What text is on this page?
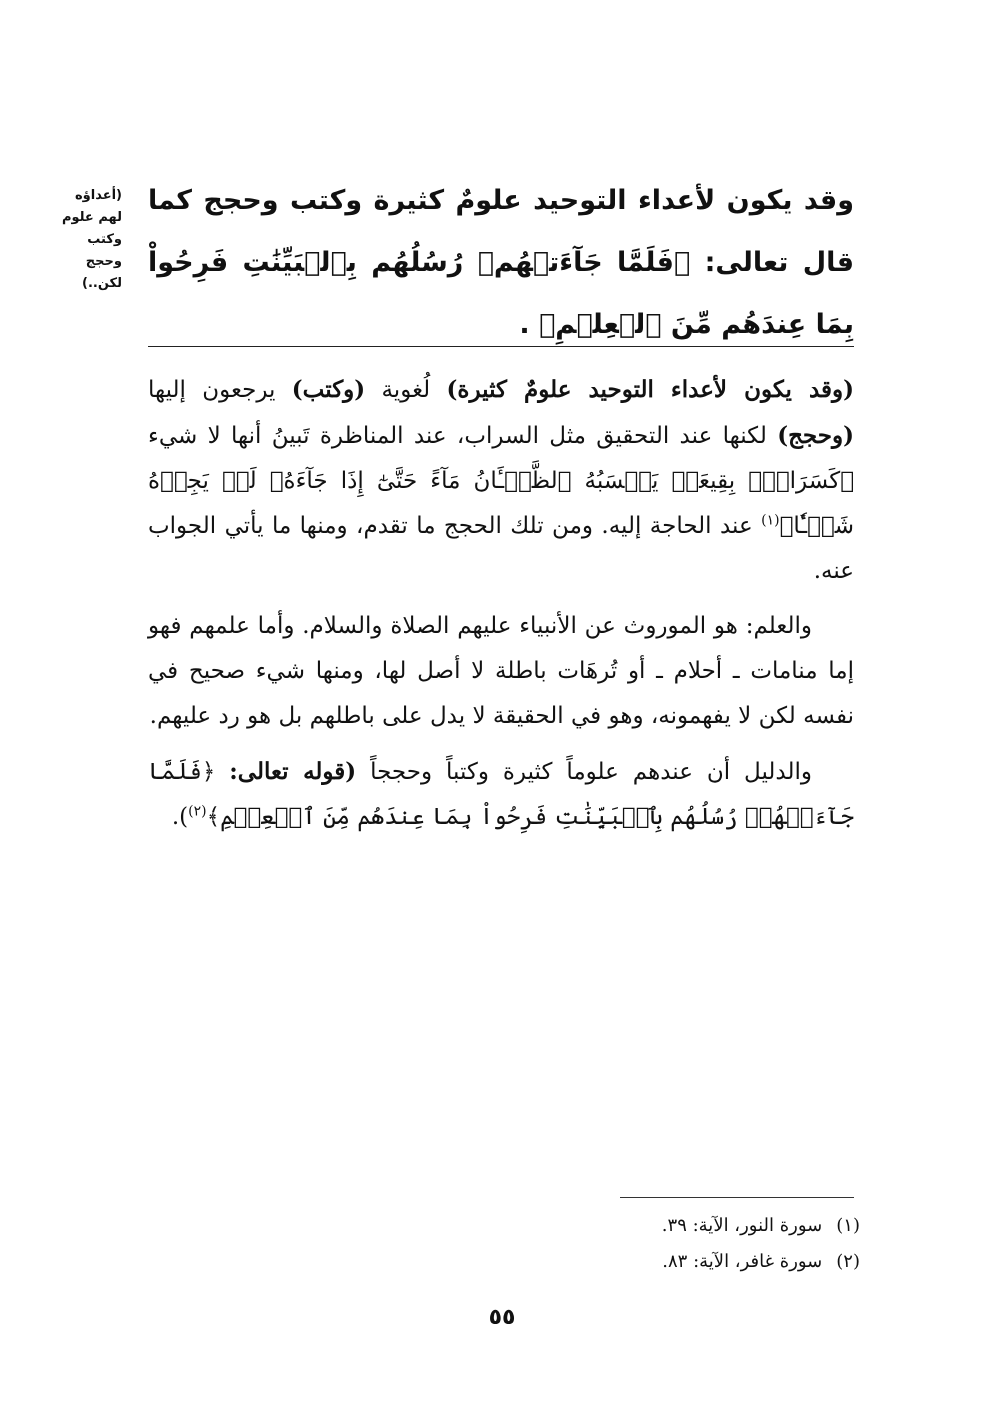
(أعداؤه
لهم علوم
وكتب
وحجج
لكن..)
وقد يكون لأعداء التوحيد علومٌ كثيرة وكتب وحجج كما قال تعالى: ﴿فَلَمَّا جَآءَتۡهُمۡ رُسُلُهُم بِٱلۡبَيِّنَٰتِ فَرِحُواْ بِمَا عِندَهُم مِّنَ ٱلۡعِلۡمِ﴾ .

(وقد يكون لأعداء التوحيد علومٌ كثيرة) لُغوية (وكتب) يرجعون إليها (وحجج) لكنها عند التحقيق مثل السراب، عند المناظرة تَبينُ أنها لا شيء ﴿كَسَرَابِۭ بِقِيعَةٖ يَحۡسَبُهُ ٱلظَّمۡـَٔانُ مَآءً حَتَّىٰٓ إِذَا جَآءَهُۥ لَمۡ يَجِدۡهُ شَيۡـٔٗا﴾$^{(١)}$ عند الحاجة إليه. ومن تلك الحجج ما تقدم، ومنها ما يأتي الجواب عنه.

والعلم: هو الموروث عن الأنبياء عليهم الصلاة والسلام. وأما علمهم فهو إما منامات ـ أحلام ـ أو تُرهَات باطلة لا أصل لها، ومنها شيء صحيح في نفسه لكن لا يفهمونه، وهو في الحقيقة لا يدل على باطلهم بل هو رد عليهم.

والدليل أن عندهم علوماً كثيرة وكتباً وحججاً (قوله تعالى: ﴿فَلَمَّا جَآءَتۡهُمۡ رُسُلُهُم بِٱلۡبَيِّنَٰتِ فَرِحُواْ بِمَا عِندَهُم مِّنَ ٱلۡعِلۡمِ﴾$^{(٢)}$).

(١)سورة النور، الآية: ٣٩.
(٢)سورة غافر، الآية: ٨٣.
٥٥
